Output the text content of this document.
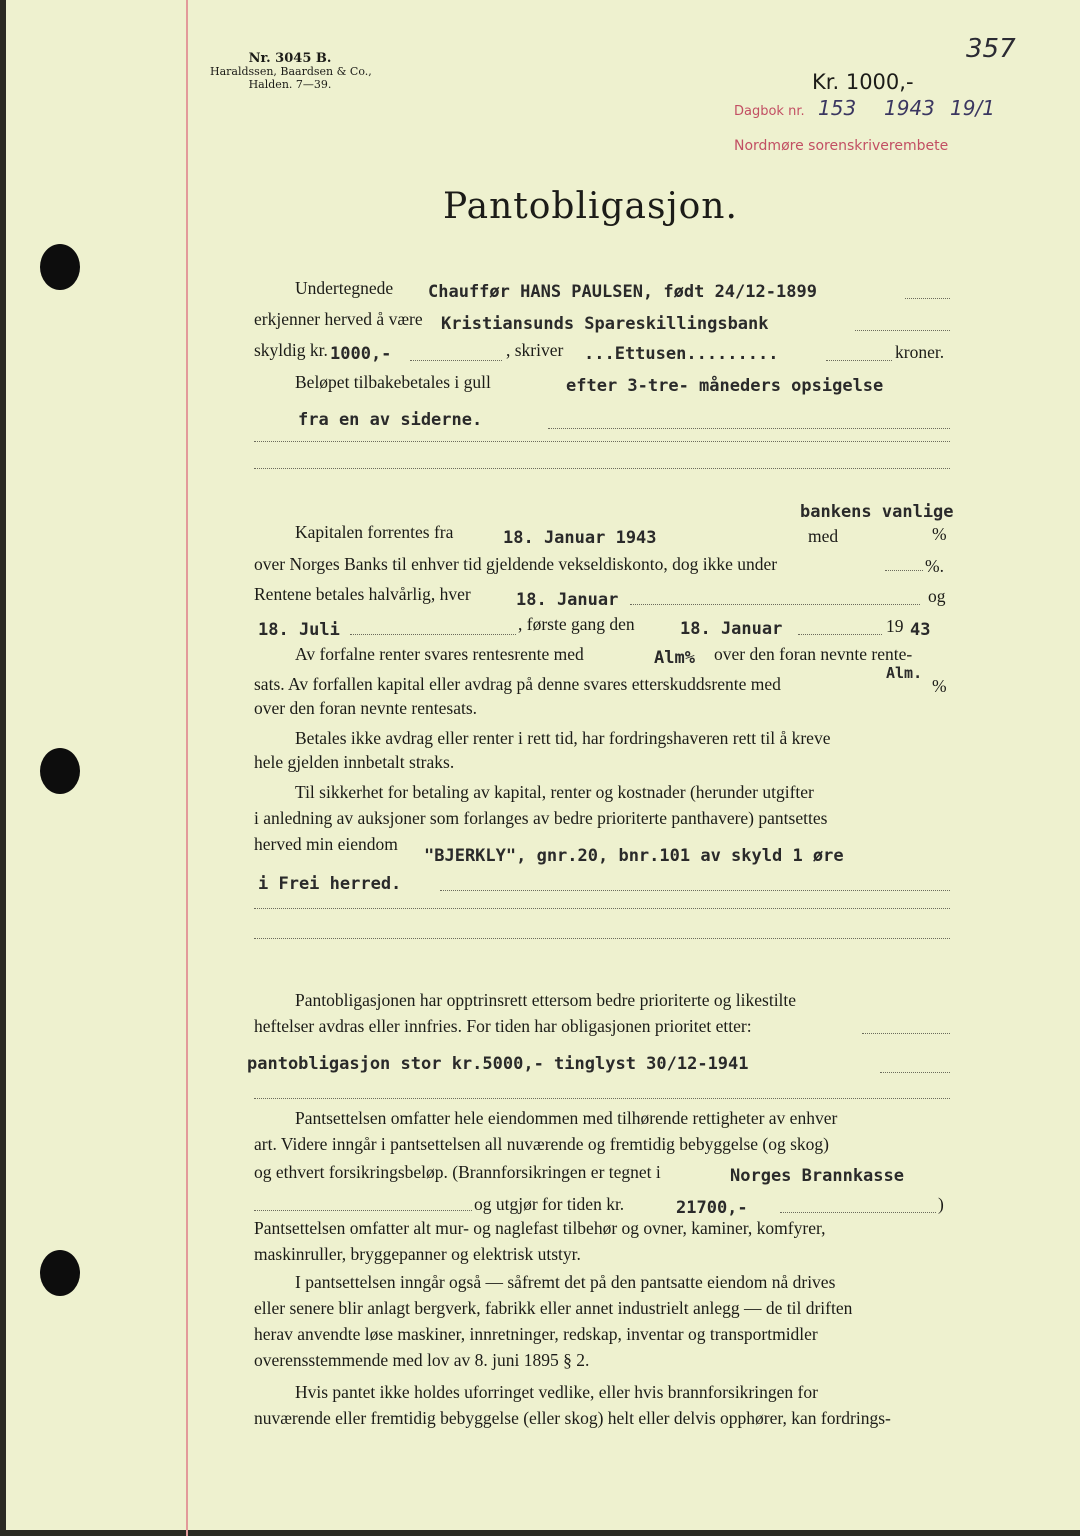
Nr. 3045 B.
Haraldssen, Baardsen & Co.,
Halden. 7—39.
357
Kr. 1000,-
Dagbok nr. 153 1943 19/1
Nordmøre sorenskriverembete
Pantobligasjon.
Undertegnede Chauffør HANS PAULSEN, født 24/12-1899
erkjenner herved å være Kristiansunds Spareskillingsbank
skyldig kr. 1000,-	, skriver ...Ettusen.........	kroner.
Beløpet tilbakebetales i gull	efter 3-tre- måneders opsigelse
fra en av siderne.
bankens vanlige
Kapitalen forrentes fra	18. Januar 1943	med	%
over Norges Banks til enhver tid gjeldende vekseldiskonto, dog ikke under	%.
Rentene betales halvårlig, hver	18. Januar	og
18. Juli	, første gang den	18. Januar	19 43
Av forfalne renter svares rentesrente med	Alm% over den foran nevnte rente-
Alm.
sats. Av forfallen kapital eller avdrag på denne svares etterskuddsrente med	%
over den foran nevnte rentesats.
Betales ikke avdrag eller renter i rett tid, har fordringshaveren rett til å kreve
hele gjelden innbetalt straks.
Til sikkerhet for betaling av kapital, renter og kostnader (herunder utgifter
i anledning av auksjoner som forlanges av bedre prioriterte panthavere) pantsettes
herved min eiendom
"BJERKLY", gnr.20, bnr.101 av skyld 1 øre
i Frei herred.
Pantobligasjonen har opptrinsrett ettersom bedre prioriterte og likestilte
heftelser avdras eller innfries. For tiden har obligasjonen prioritet etter:
pantobligasjon stor kr.5000,- tinglyst 30/12-1941
Pantsettelsen omfatter hele eiendommen med tilhørende rettigheter av enhver
art. Videre inngår i pantsettelsen all nuværende og fremtidig bebyggelse (og skog)
og ethvert forsikringsbeløp. (Brannforsikringen er tegnet i	Norges Brannkasse
og utgjør for tiden kr.	21700,-	)
Pantsettelsen omfatter alt mur- og naglefast tilbehør og ovner, kaminer, komfyrer,
maskinruller, bryggepanner og elektrisk utstyr.
I pantsettelsen inngår også — såfremt det på den pantsatte eiendom nå drives
eller senere blir anlagt bergverk, fabrikk eller annet industrielt anlegg — de til driften
herav anvendte løse maskiner, innretninger, redskap, inventar og transportmidler
overensstemmende med lov av 8. juni 1895 § 2.
Hvis pantet ikke holdes uforringet vedlike, eller hvis brannforsikringen for
nuværende eller fremtidig bebyggelse (eller skog) helt eller delvis opphører, kan fordrings-
